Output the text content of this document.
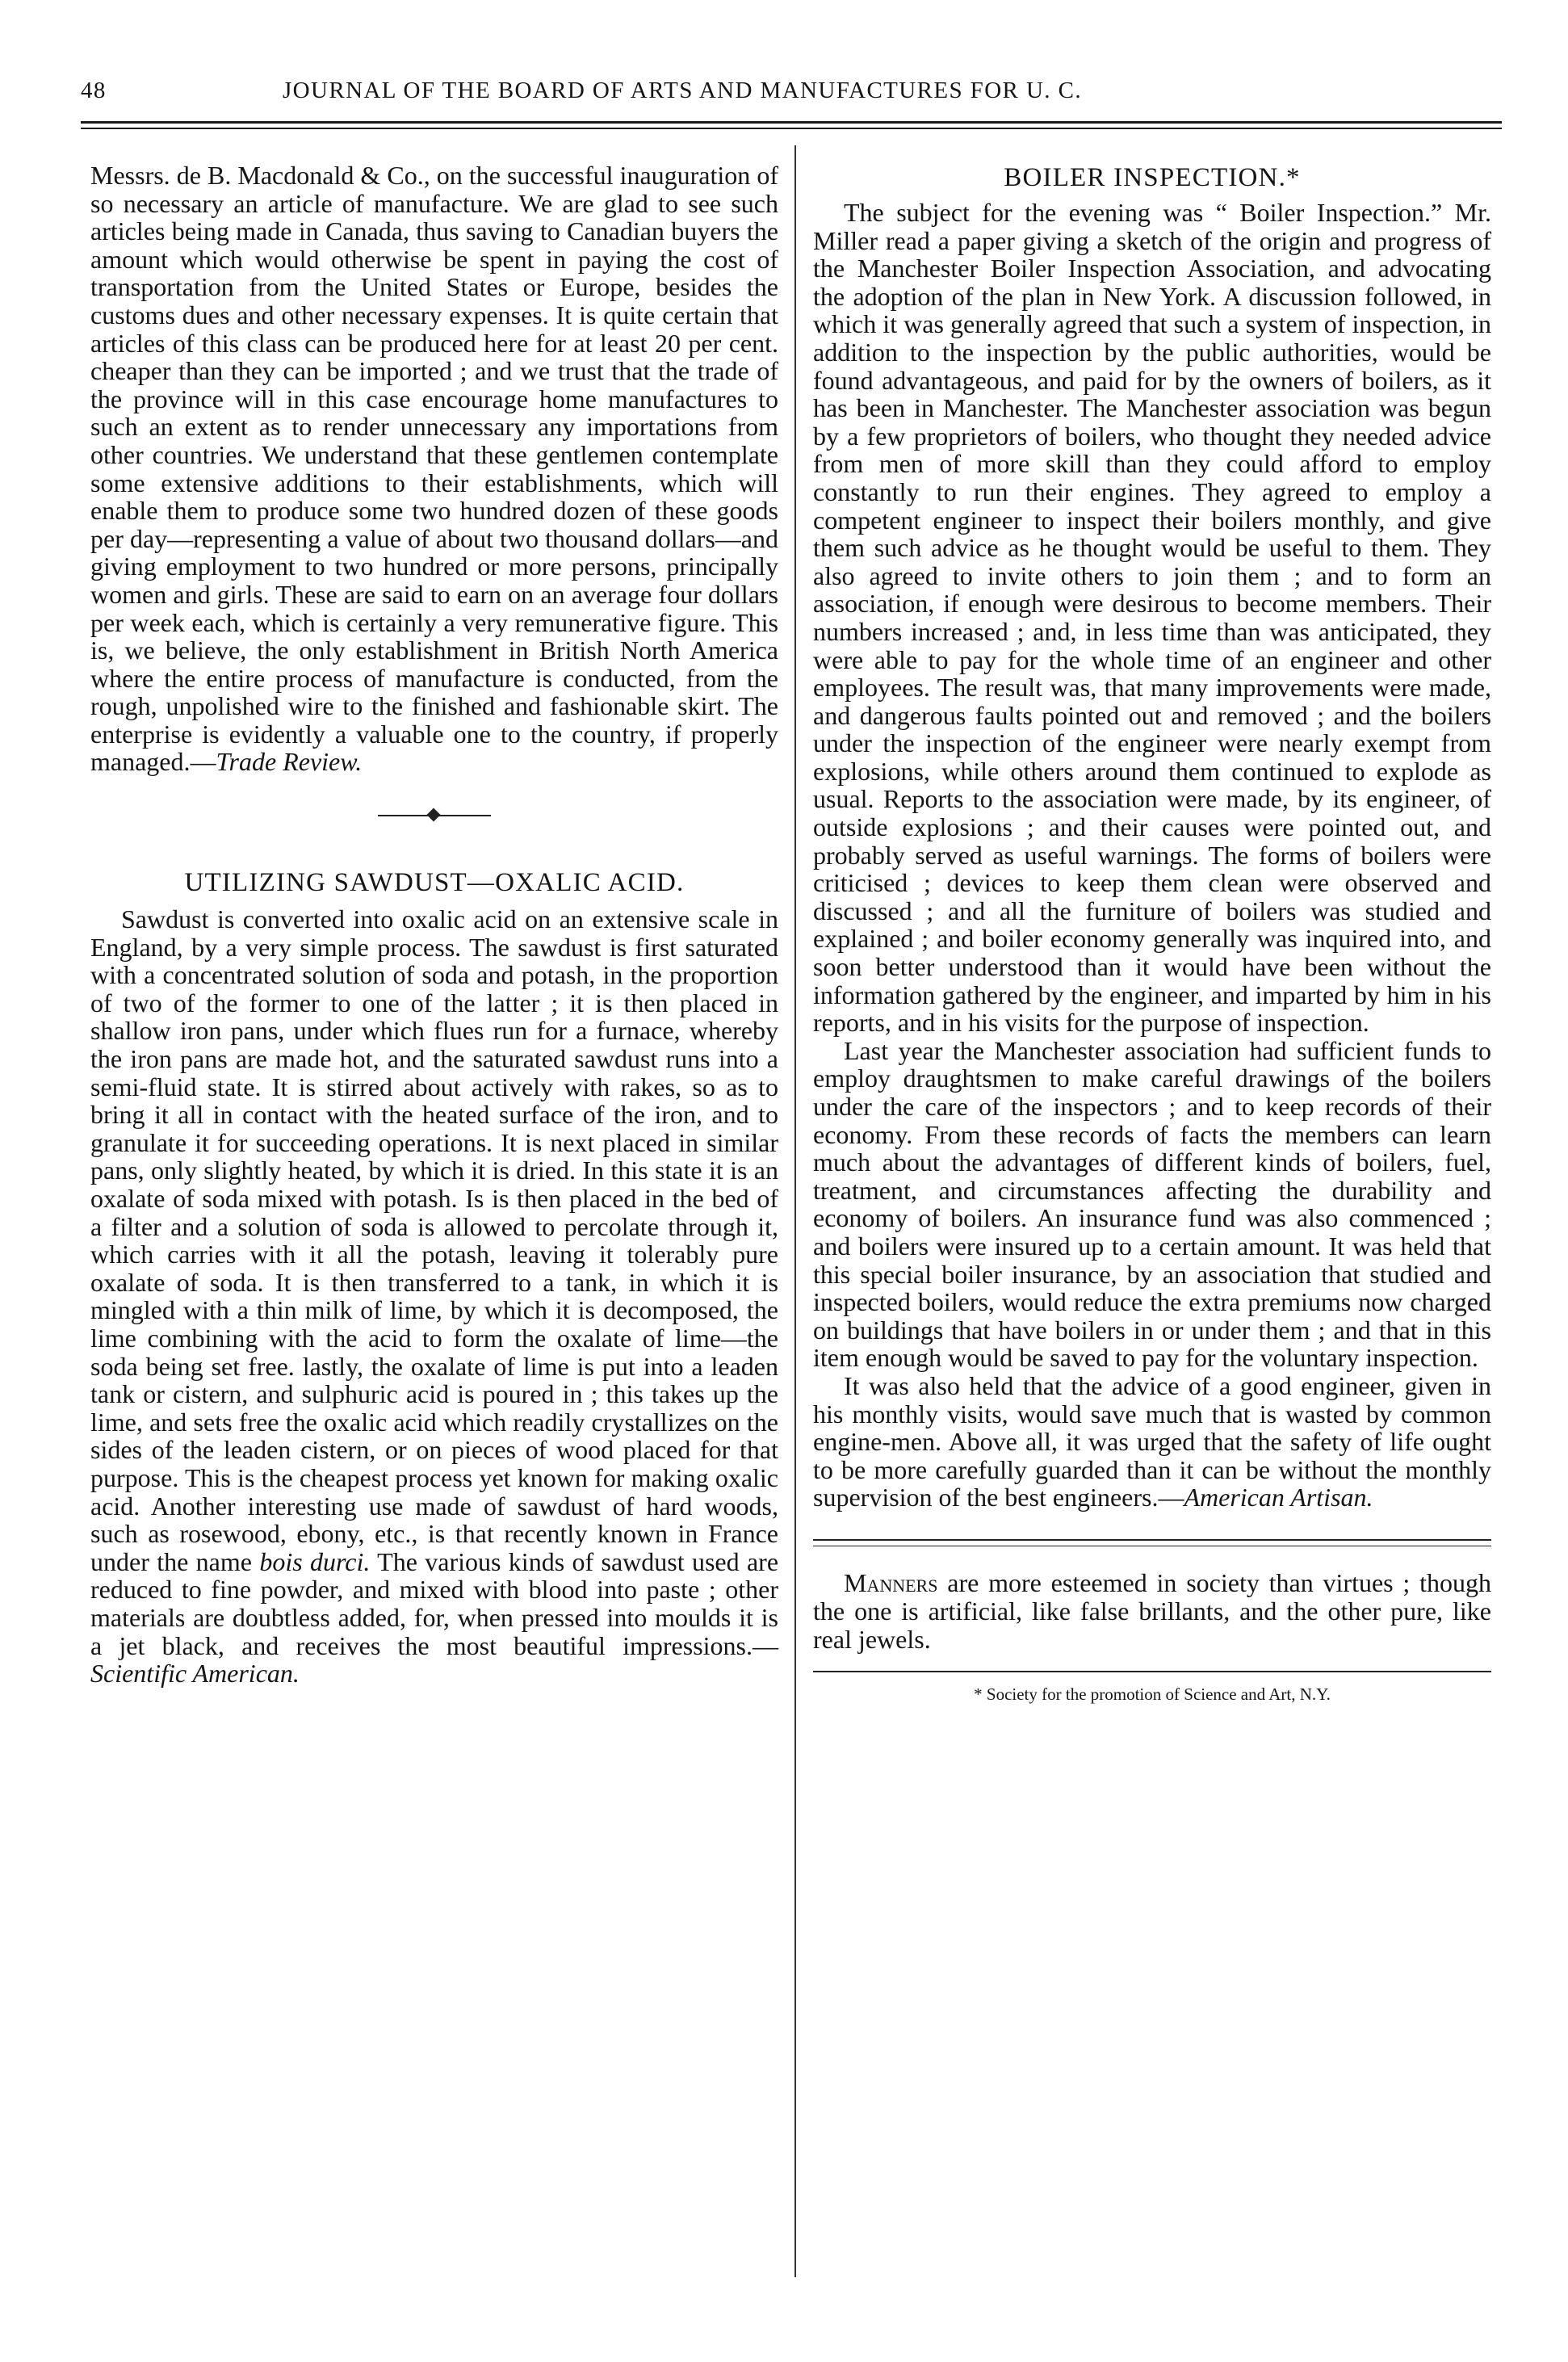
48	JOURNAL OF THE BOARD OF ARTS AND MANUFACTURES FOR U. C.

Messrs. de B. Macdonald & Co., on the successful inauguration of so necessary an article of manufacture. We are glad to see such articles being made in Canada, thus saving to Canadian buyers the amount which would otherwise be spent in paying the cost of transportation from the United States or Europe, besides the customs dues and other necessary expenses. It is quite certain that articles of this class can be produced here for at least 20 per cent. cheaper than they can be imported ; and we trust that the trade of the province will in this case encourage home manufactures to such an extent as to render unnecessary any importations from other countries. We understand that these gentlemen contemplate some extensive additions to their establishments, which will enable them to produce some two hundred dozen of these goods per day—representing a value of about two thousand dollars—and giving employment to two hundred or more persons, principally women and girls. These are said to earn on an average four dollars per week each, which is certainly a very remunerative figure. This is, we believe, the only establishment in British North America where the entire process of manufacture is conducted, from the rough, unpolished wire to the finished and fashionable skirt. The enterprise is evidently a valuable one to the country, if properly managed.—Trade Review.

UTILIZING SAWDUST—OXALIC ACID.

Sawdust is converted into oxalic acid on an extensive scale in England, by a very simple process. The sawdust is first saturated with a concentrated solution of soda and potash, in the proportion of two of the former to one of the latter ; it is then placed in shallow iron pans, under which flues run for a furnace, whereby the iron pans are made hot, and the saturated sawdust runs into a semi-fluid state. It is stirred about actively with rakes, so as to bring it all in contact with the heated surface of the iron, and to granulate it for succeeding operations. It is next placed in similar pans, only slightly heated, by which it is dried. In this state it is an oxalate of soda mixed with potash. Is is then placed in the bed of a filter and a solution of soda is allowed to percolate through it, which carries with it all the potash, leaving it tolerably pure oxalate of soda. It is then transferred to a tank, in which it is mingled with a thin milk of lime, by which it is decomposed, the lime combining with the acid to form the oxalate of lime—the soda being set free. lastly, the oxalate of lime is put into a leaden tank or cistern, and sulphuric acid is poured in ; this takes up the lime, and sets free the oxalic acid which readily crystallizes on the sides of the leaden cistern, or on pieces of wood placed for that purpose. This is the cheapest process yet known for making oxalic acid. Another interesting use made of sawdust of hard woods, such as rosewood, ebony, etc., is that recently known in France under the name bois durci. The various kinds of sawdust used are reduced to fine powder, and mixed with blood into paste ; other materials are doubtless added, for, when pressed into moulds it is a jet black, and receives the most beautiful impressions.—Scientific American.

BOILER INSPECTION.*

The subject for the evening was “ Boiler Inspection.” Mr. Miller read a paper giving a sketch of the origin and progress of the Manchester Boiler Inspection Association, and advocating the adoption of the plan in New York. A discussion followed, in which it was generally agreed that such a system of inspection, in addition to the inspection by the public authorities, would be found advantageous, and paid for by the owners of boilers, as it has been in Manchester. The Manchester association was begun by a few proprietors of boilers, who thought they needed advice from men of more skill than they could afford to employ constantly to run their engines. They agreed to employ a competent engineer to inspect their boilers monthly, and give them such advice as he thought would be useful to them. They also agreed to invite others to join them ; and to form an association, if enough were desirous to become members. Their numbers increased ; and, in less time than was anticipated, they were able to pay for the whole time of an engineer and other employees. The result was, that many improvements were made, and dangerous faults pointed out and removed ; and the boilers under the inspection of the engineer were nearly exempt from explosions, while others around them continued to explode as usual. Reports to the association were made, by its engineer, of outside explosions ; and their causes were pointed out, and probably served as useful warnings. The forms of boilers were criticised ; devices to keep them clean were observed and discussed ; and all the furniture of boilers was studied and explained ; and boiler economy generally was inquired into, and soon better understood than it would have been without the information gathered by the engineer, and imparted by him in his reports, and in his visits for the purpose of inspection.

Last year the Manchester association had sufficient funds to employ draughtsmen to make careful drawings of the boilers under the care of the inspectors ; and to keep records of their economy. From these records of facts the members can learn much about the advantages of different kinds of boilers, fuel, treatment, and circumstances affecting the durability and economy of boilers. An insurance fund was also commenced ; and boilers were insured up to a certain amount. It was held that this special boiler insurance, by an association that studied and inspected boilers, would reduce the extra premiums now charged on buildings that have boilers in or under them ; and that in this item enough would be saved to pay for the voluntary inspection.

It was also held that the advice of a good engineer, given in his monthly visits, would save much that is wasted by common engine-men. Above all, it was urged that the safety of life ought to be more carefully guarded than it can be without the monthly supervision of the best engineers.—American Artisan.

Manners are more esteemed in society than virtues ; though the one is artificial, like false brillants, and the other pure, like real jewels.

* Society for the promotion of Science and Art, N.Y.
